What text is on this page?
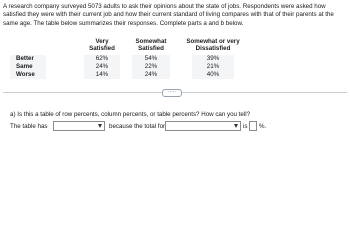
A research company surveyed 5073 adults to ask their opinions about the state of jobs. Respondents were asked how satisfied they were with their current job and how their current standard of living compares with that of their parents at the same age. The table below summarizes their responses. Complete parts a and b below.

Very Satisfied
Somewhat Satisfied
Somewhat or very Dissatisfied
Better
Same
Worse
62%
24%
14%
54%
22%
24%
39%
21%
40%
·····
a) Is this a table of row percents, column percents, or table percents? How can you tell?
The table has	because the total for	is %.
